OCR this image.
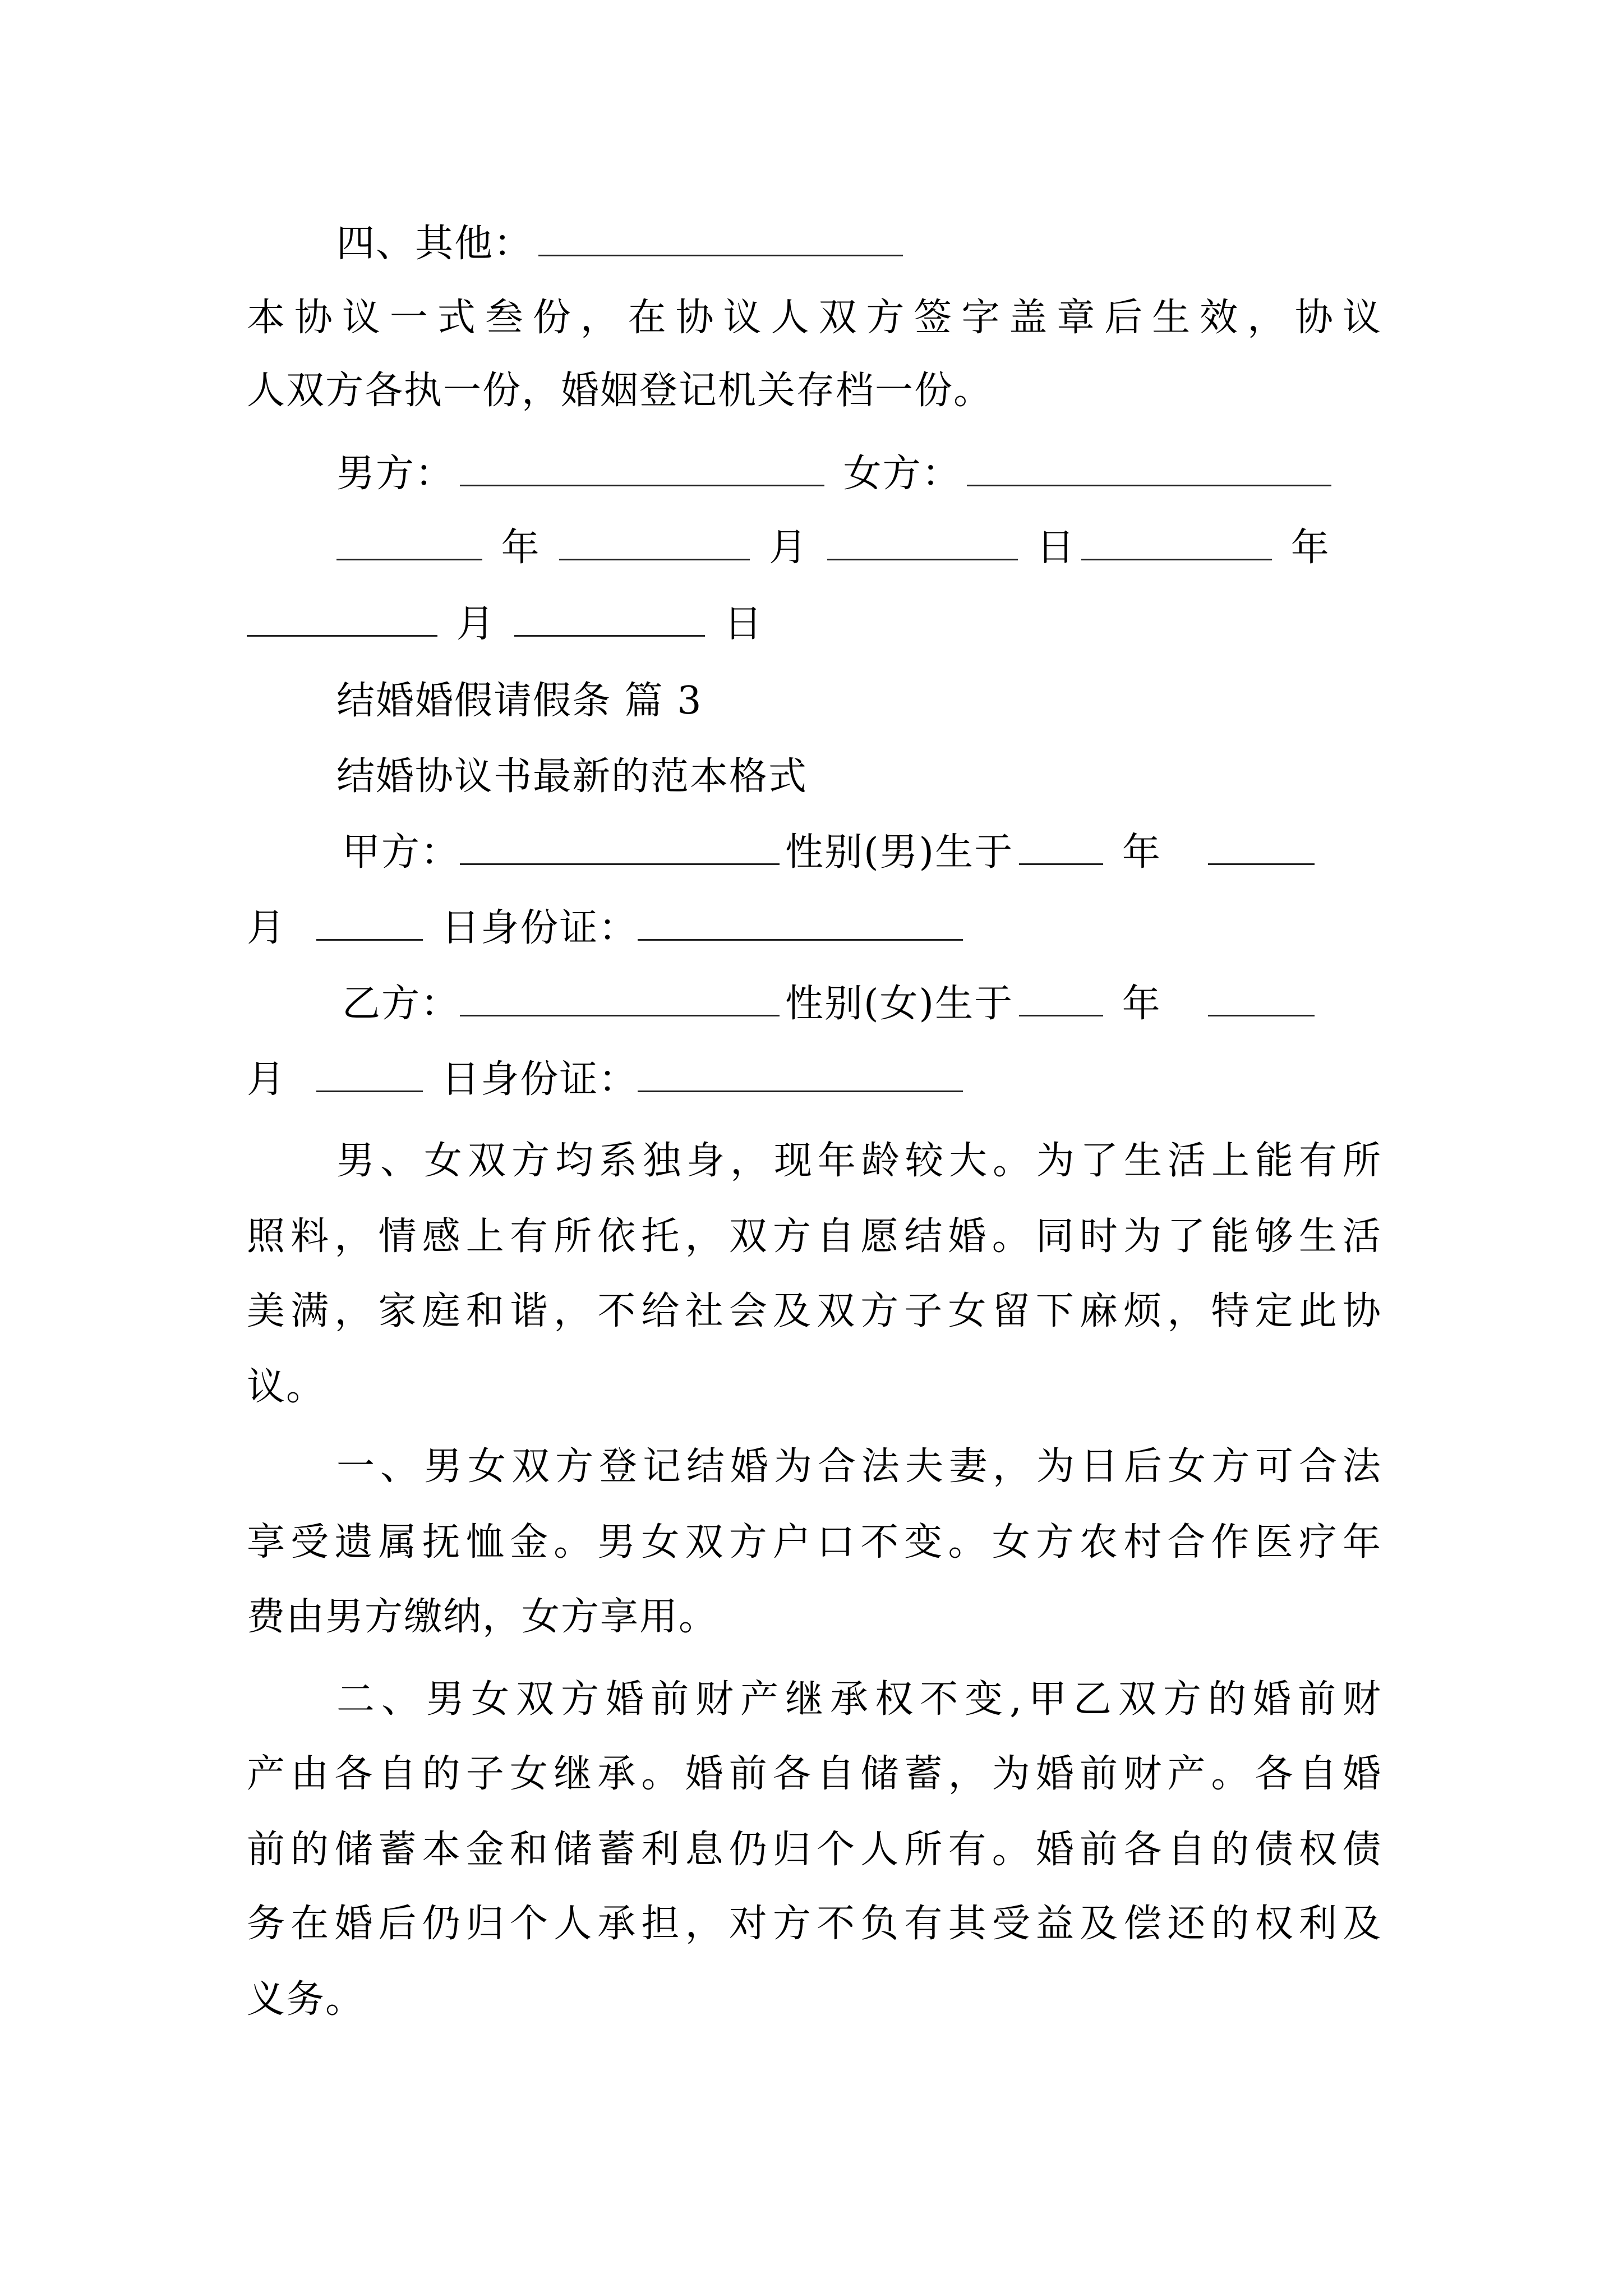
四、其他：
本协议一式叁份，在协议人双方签字盖章后生效，协议
人双方各执一份，婚姻登记机关存档一份。
男方：	女方：
年	月	日	年
月	日
结婚婚假请假条 篇 3
结婚协议书最新的范本格式
甲方：	性别(男)生于	年
月	日身份证：
乙方：	性别(女)生于	年
月	日身份证：
男、女双方均系独身，现年龄较大。为了生活上能有所
照料，情感上有所依托，双方自愿结婚。同时为了能够生活
美满，家庭和谐，不给社会及双方子女留下麻烦，特定此协
议。
一、男女双方登记结婚为合法夫妻，为日后女方可合法
享受遗属抚恤金。男女双方户口不变。女方农村合作医疗年
费由男方缴纳，女方享用。
二、男女双方婚前财产继承权不变,甲乙双方的婚前财
产由各自的子女继承。婚前各自储蓄，为婚前财产。各自婚
前的储蓄本金和储蓄利息仍归个人所有。婚前各自的债权债
务在婚后仍归个人承担，对方不负有其受益及偿还的权利及
义务。
